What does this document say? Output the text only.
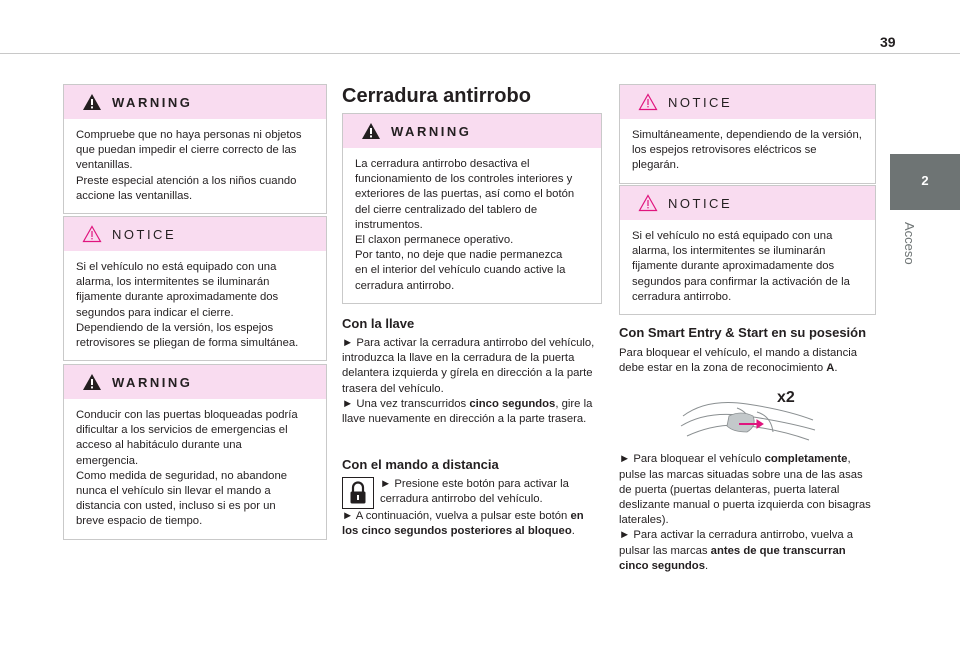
39
2
Acceso
WARNING
Compruebe que no haya personas ni objetos
que puedan impedir el cierre correcto de las
ventanillas.
Preste especial atención a los niños cuando
accione las ventanillas.
NOTICE
Si el vehículo no está equipado con una
alarma, los intermitentes se iluminarán
fijamente durante aproximadamente dos
segundos para indicar el cierre.
Dependiendo de la versión, los espejos
retrovisores se pliegan de forma simultánea.
WARNING
Conducir con las puertas bloqueadas podría
dificultar a los servicios de emergencias el
acceso al habitáculo durante una
emergencia.
Como medida de seguridad, no abandone
nunca el vehículo sin llevar el mando a
distancia con usted, incluso si es por un
breve espacio de tiempo.
Cerradura antirrobo
WARNING
La cerradura antirrobo desactiva el
funcionamiento de los controles interiores y
exteriores de las puertas, así como el botón
del cierre centralizado del tablero de
instrumentos.
El claxon permanece operativo.
Por tanto, no deje que nadie permanezca
en el interior del vehículo cuando active la
cerradura antirrobo.
Con la llave
► Para activar la cerradura antirrobo del vehículo, introduzca la llave en la cerradura de la puerta delantera izquierda y gírela en dirección a la parte trasera del vehículo.
► Una vez transcurridos cinco segundos, gire la llave nuevamente en dirección a la parte trasera.
Con el mando a distancia
► Presione este botón para activar la cerradura antirrobo del vehículo.
► A continuación, vuelva a pulsar este botón en los cinco segundos posteriores al bloqueo.
NOTICE
Simultáneamente, dependiendo de la versión,
los espejos retrovisores eléctricos se
plegarán.
NOTICE
Si el vehículo no está equipado con una
alarma, los intermitentes se iluminarán
fijamente durante aproximadamente dos
segundos para confirmar la activación de la
cerradura antirrobo.
Con Smart Entry & Start en su posesión
Para bloquear el vehículo, el mando a distancia debe estar en la zona de reconocimiento A.
x2
► Para bloquear el vehículo completamente, pulse las marcas situadas sobre una de las asas de puerta (puertas delanteras, puerta lateral deslizante manual o puerta izquierda con bisagras laterales).
► Para activar la cerradura antirrobo, vuelva a pulsar las marcas antes de que transcurran cinco segundos.
